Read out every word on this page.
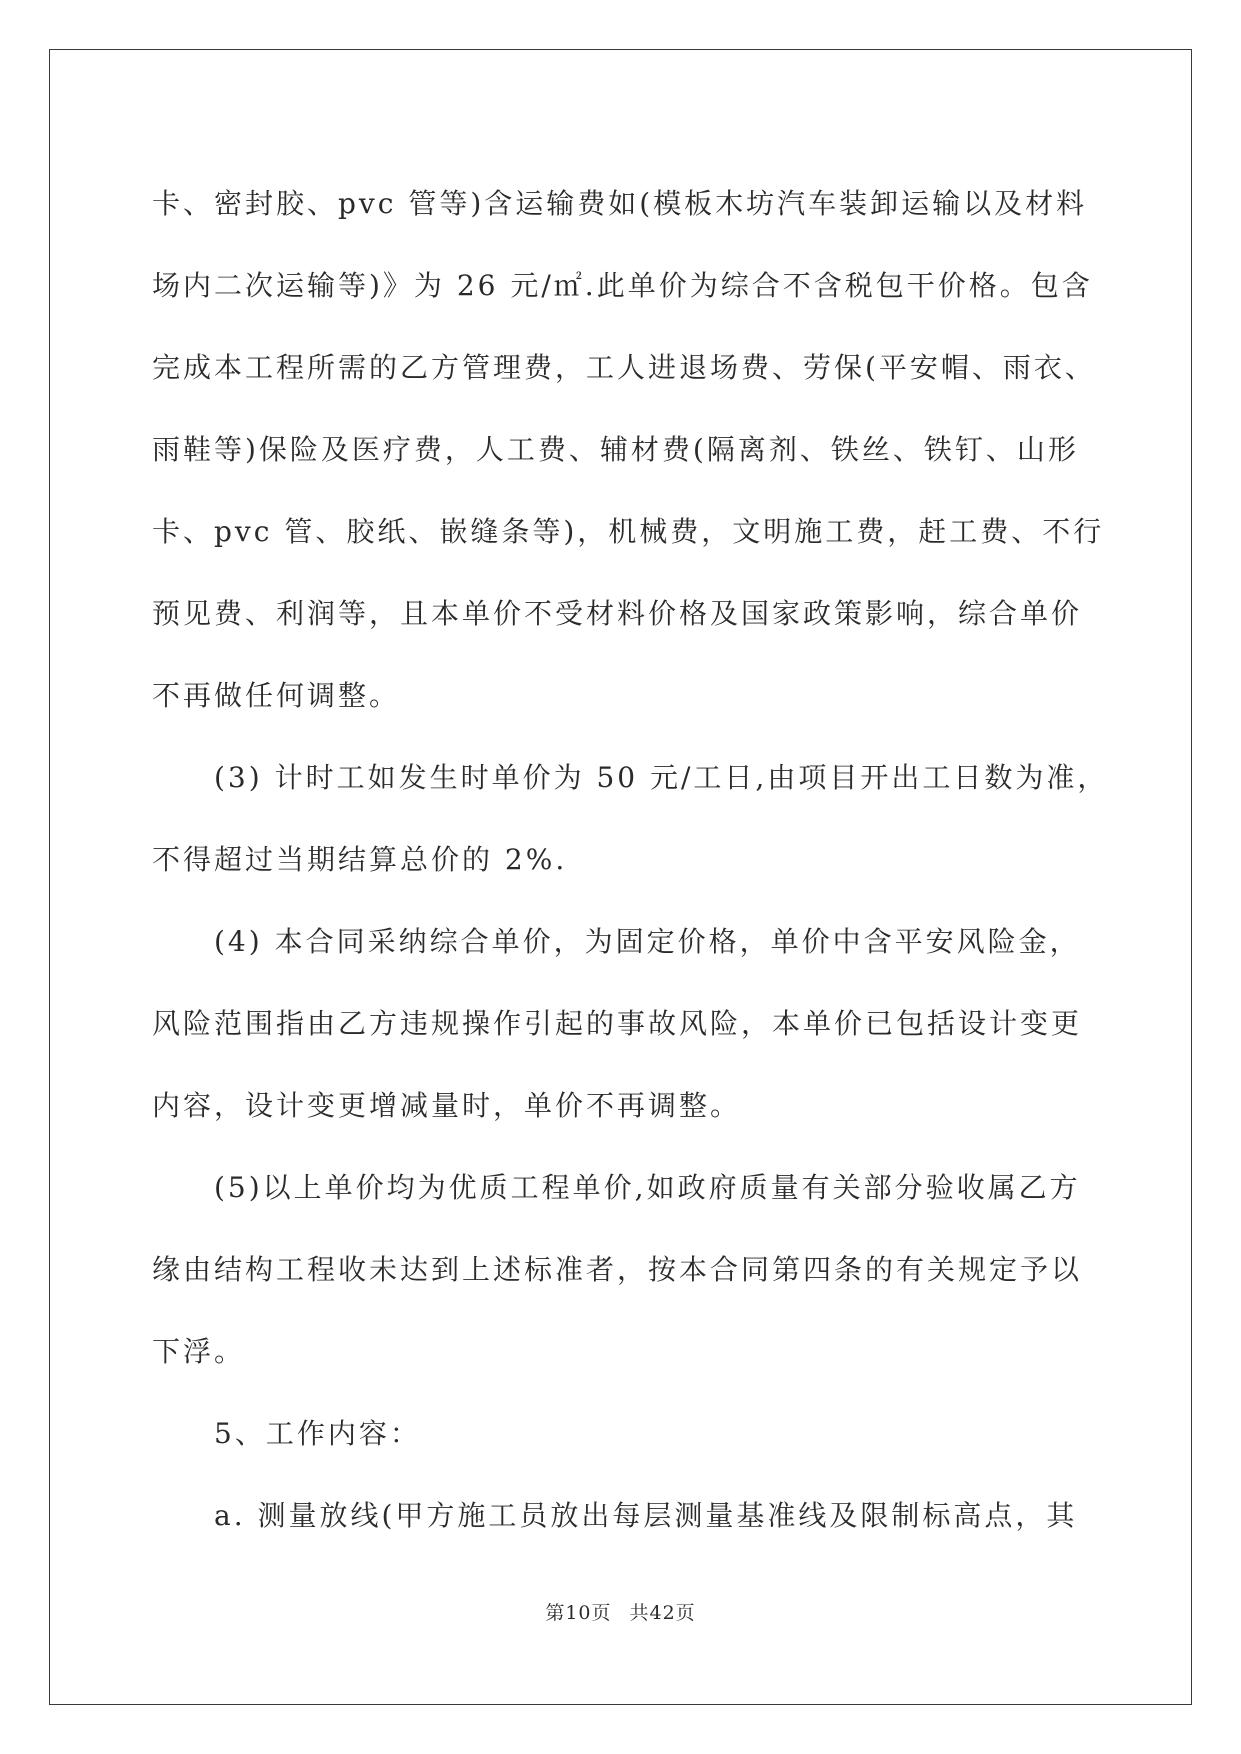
卡、密封胶、pvc 管等)含运输费如(模板木坊汽车装卸运输以及材料

场内二次运输等)》为 26 元/㎡.此单价为综合不含税包干价格。包含

完成本工程所需的乙方管理费，工人进退场费、劳保(平安帽、雨衣、

雨鞋等)保险及医疗费，人工费、辅材费(隔离剂、铁丝、铁钉、山形

卡、pvc 管、胶纸、嵌缝条等)，机械费，文明施工费，赶工费、不行

预见费、利润等，且本单价不受材料价格及国家政策影响，综合单价

不再做任何调整。

(3) 计时工如发生时单价为 50 元/工日,由项目开出工日数为准，

不得超过当期结算总价的 2%.

(4) 本合同采纳综合单价，为固定价格，单价中含平安风险金，

风险范围指由乙方违规操作引起的事故风险，本单价已包括设计变更

内容，设计变更增减量时，单价不再调整。

(5)以上单价均为优质工程单价,如政府质量有关部分验收属乙方

缘由结构工程收未达到上述标准者，按本合同第四条的有关规定予以

下浮。

5、工作内容：

a. 测量放线(甲方施工员放出每层测量基准线及限制标高点，其

第10页 共42页
